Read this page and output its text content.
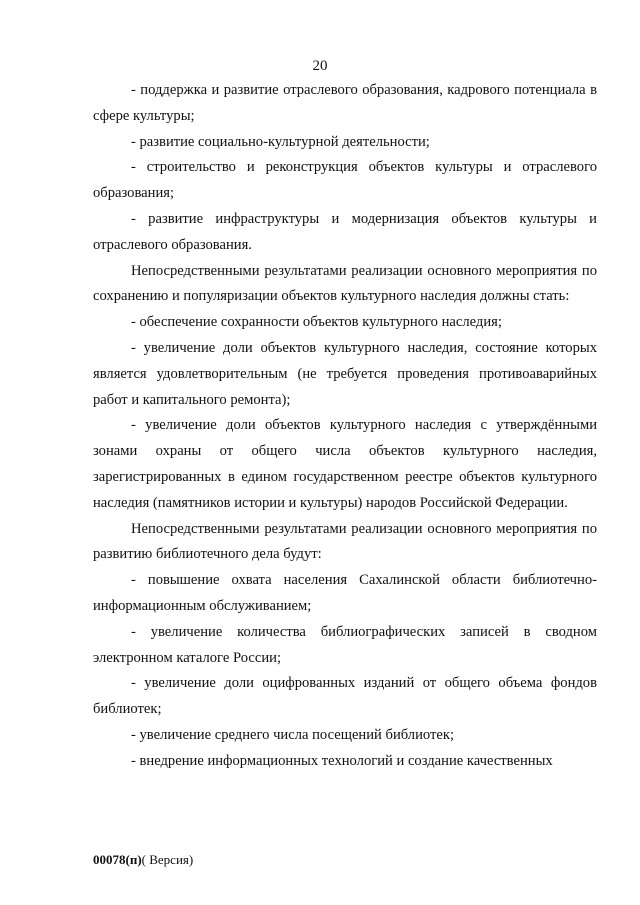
20

- поддержка и развитие отраслевого образования, кадрового потенциала в сфере культуры;

- развитие социально-культурной деятельности;

- строительство и реконструкция объектов культуры и отраслевого образования;

- развитие инфраструктуры и модернизация объектов культуры и отраслевого образования.

Непосредственными результатами реализации основного мероприятия по сохранению и популяризации объектов культурного наследия должны стать:

- обеспечение сохранности объектов культурного наследия;

- увеличение доли объектов культурного наследия, состояние которых является удовлетворительным (не требуется проведения противоаварийных работ и капитального ремонта);

- увеличение доли объектов культурного наследия с утверждёнными зонами охраны от общего числа объектов культурного наследия, зарегистрированных в едином государственном реестре объектов культурного наследия (памятников истории и культуры) народов Российской Федерации.

Непосредственными результатами реализации основного мероприятия по развитию библиотечного дела будут:

- повышение охвата населения Сахалинской области библиотечно-информационным обслуживанием;

- увеличение количества библиографических записей в сводном электронном каталоге России;

- увеличение доли оцифрованных изданий от общего объема фондов библиотек;

- увеличение среднего числа посещений библиотек;

- внедрение информационных технологий и создание качественных

00078(п)( Версия)
